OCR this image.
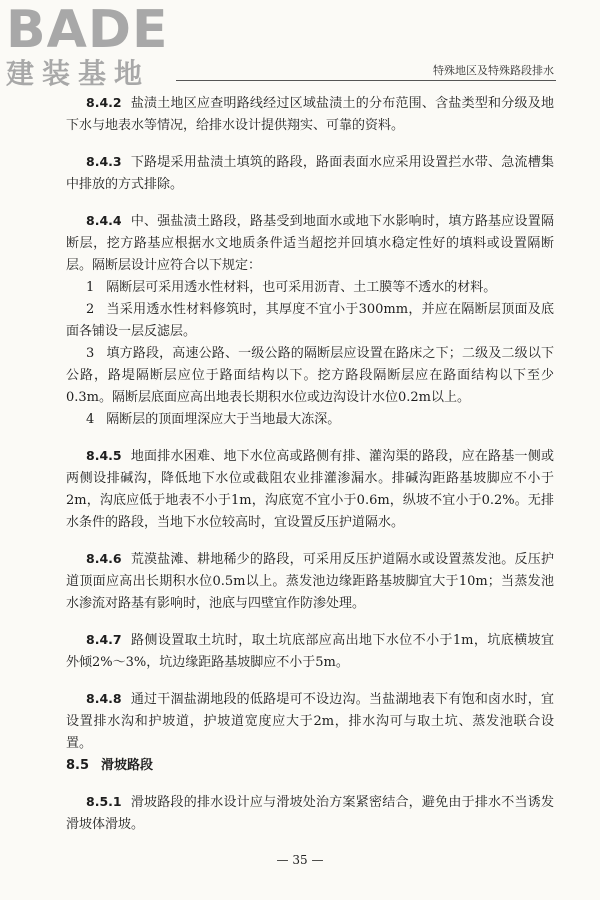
BADE
建装基地	特殊地区及特殊路段排水

8.4.2 盐渍土地区应查明路线经过区域盐渍土的分布范围、含盐类型和分级及地下水与地表水等情况，给排水设计提供翔实、可靠的资料。

8.4.3 下路堤采用盐渍土填筑的路段，路面表面水应采用设置拦水带、急流槽集中排放的方式排除。

8.4.4 中、强盐渍土路段，路基受到地面水或地下水影响时，填方路基应设置隔断层，挖方路基应根据水文地质条件适当超挖并回填水稳定性好的填料或设置隔断层。隔断层设计应符合以下规定：

1 隔断层可采用透水性材料，也可采用沥青、土工膜等不透水的材料。

2 当采用透水性材料修筑时，其厚度不宜小于300mm，并应在隔断层顶面及底面各铺设一层反滤层。

3 填方路段，高速公路、一级公路的隔断层应设置在路床之下；二级及二级以下公路，路堤隔断层应位于路面结构以下。挖方路段隔断层应在路面结构以下至少0.3m。隔断层底面应高出地表长期积水位或边沟设计水位0.2m以上。

4 隔断层的顶面埋深应大于当地最大冻深。

8.4.5 地面排水困难、地下水位高或路侧有排、灌沟渠的路段，应在路基一侧或两侧设排碱沟，降低地下水位或截阻农业排灌渗漏水。排碱沟距路基坡脚应不小于2m，沟底应低于地表不小于1m，沟底宽不宜小于0.6m，纵坡不宜小于0.2%。无排水条件的路段，当地下水位较高时，宜设置反压护道隔水。

8.4.6 荒漠盐滩、耕地稀少的路段，可采用反压护道隔水或设置蒸发池。反压护道顶面应高出长期积水位0.5m以上。蒸发池边缘距路基坡脚宜大于10m；当蒸发池水渗流对路基有影响时，池底与四壁宜作防渗处理。

8.4.7 路侧设置取土坑时，取土坑底部应高出地下水位不小于1m，坑底横坡宜外倾2%～3%，坑边缘距路基坡脚应不小于5m。

8.4.8 通过干涸盐湖地段的低路堤可不设边沟。当盐湖地表下有饱和卤水时，宜设置排水沟和护坡道，护坡道宽度应大于2m，排水沟可与取土坑、蒸发池联合设置。

8.5 滑坡路段

8.5.1 滑坡路段的排水设计应与滑坡处治方案紧密结合，避免由于排水不当诱发滑坡体滑坡。

— 35 —
